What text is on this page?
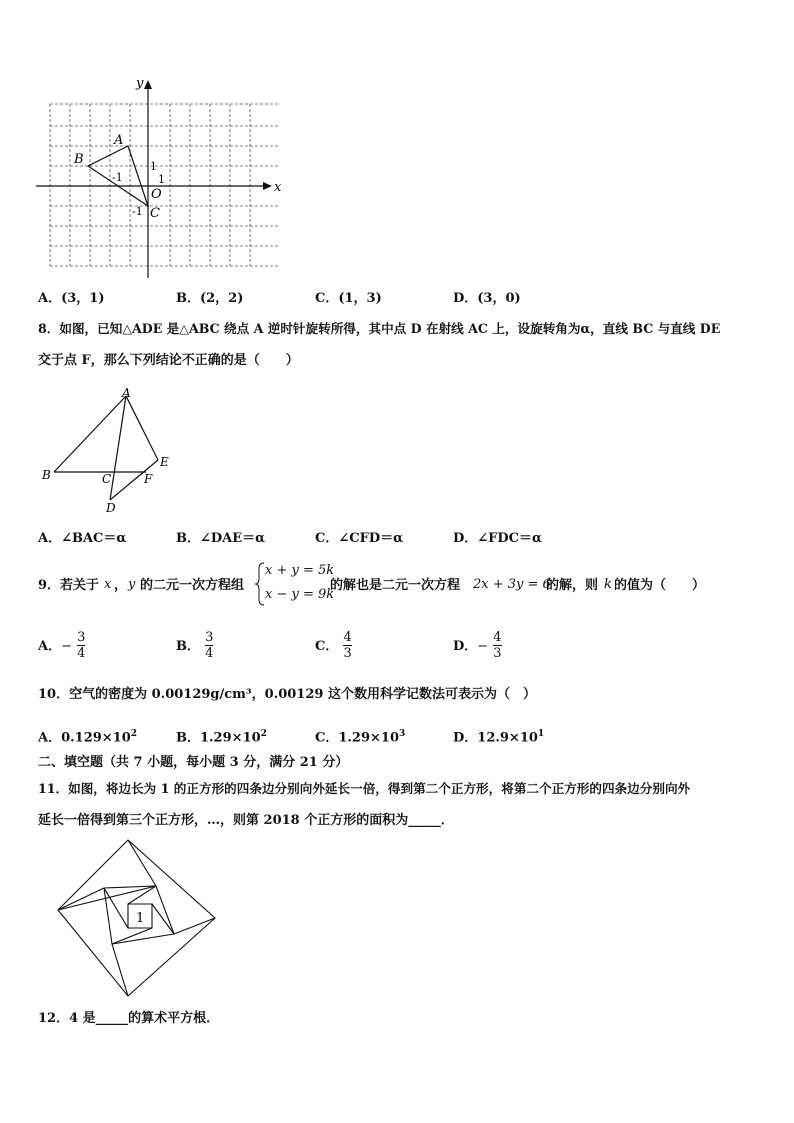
x
y
A
B
C
O
1
1
-1
-1
A．(3，1)	B．(2，2)	C．(1，3)	D．(3，0)
8．如图，已知△ADE 是△ABC 绕点 A 逆时针旋转所得，其中点 D 在射线 AC 上，设旋转角为α，直线 BC 与直线 DE
交于点 F，那么下列结论不正确的是（　　）
A
B	C
D
E
F
A．∠BAC＝α	B．∠DAE＝α	C．∠CFD＝α	D．∠FDC＝α
9．若关于 x ， y 的二元一次方程组
x + y = 5k
x − y = 9k
的解也是二元一次方程 2x + 3y = 6
的解，则 k 的值为（　　）
A．− $\frac{3}{4}$	B． $\frac{3}{4}$	C． $\frac{4}{3}$	D．− $\frac{4}{3}$
10．空气的密度为 0.00129g/cm³，0.00129 这个数用科学记数法可表示为（　）
A．$0.129\times 10^2$	B．$1.29\times 10^2$	C．$1.29\times 10^3$	D．$12.9\times 10^1$
二、填空题（共 7 小题，每小题 3 分，满分 21 分）
11．如图，将边长为 1 的正方形的四条边分别向外延长一倍，得到第二个正方形，将第二个正方形的四条边分别向外
延长一倍得到第三个正方形，…，则第 2018 个正方形的面积为_____．
1
12．4 是_____的算术平方根．
